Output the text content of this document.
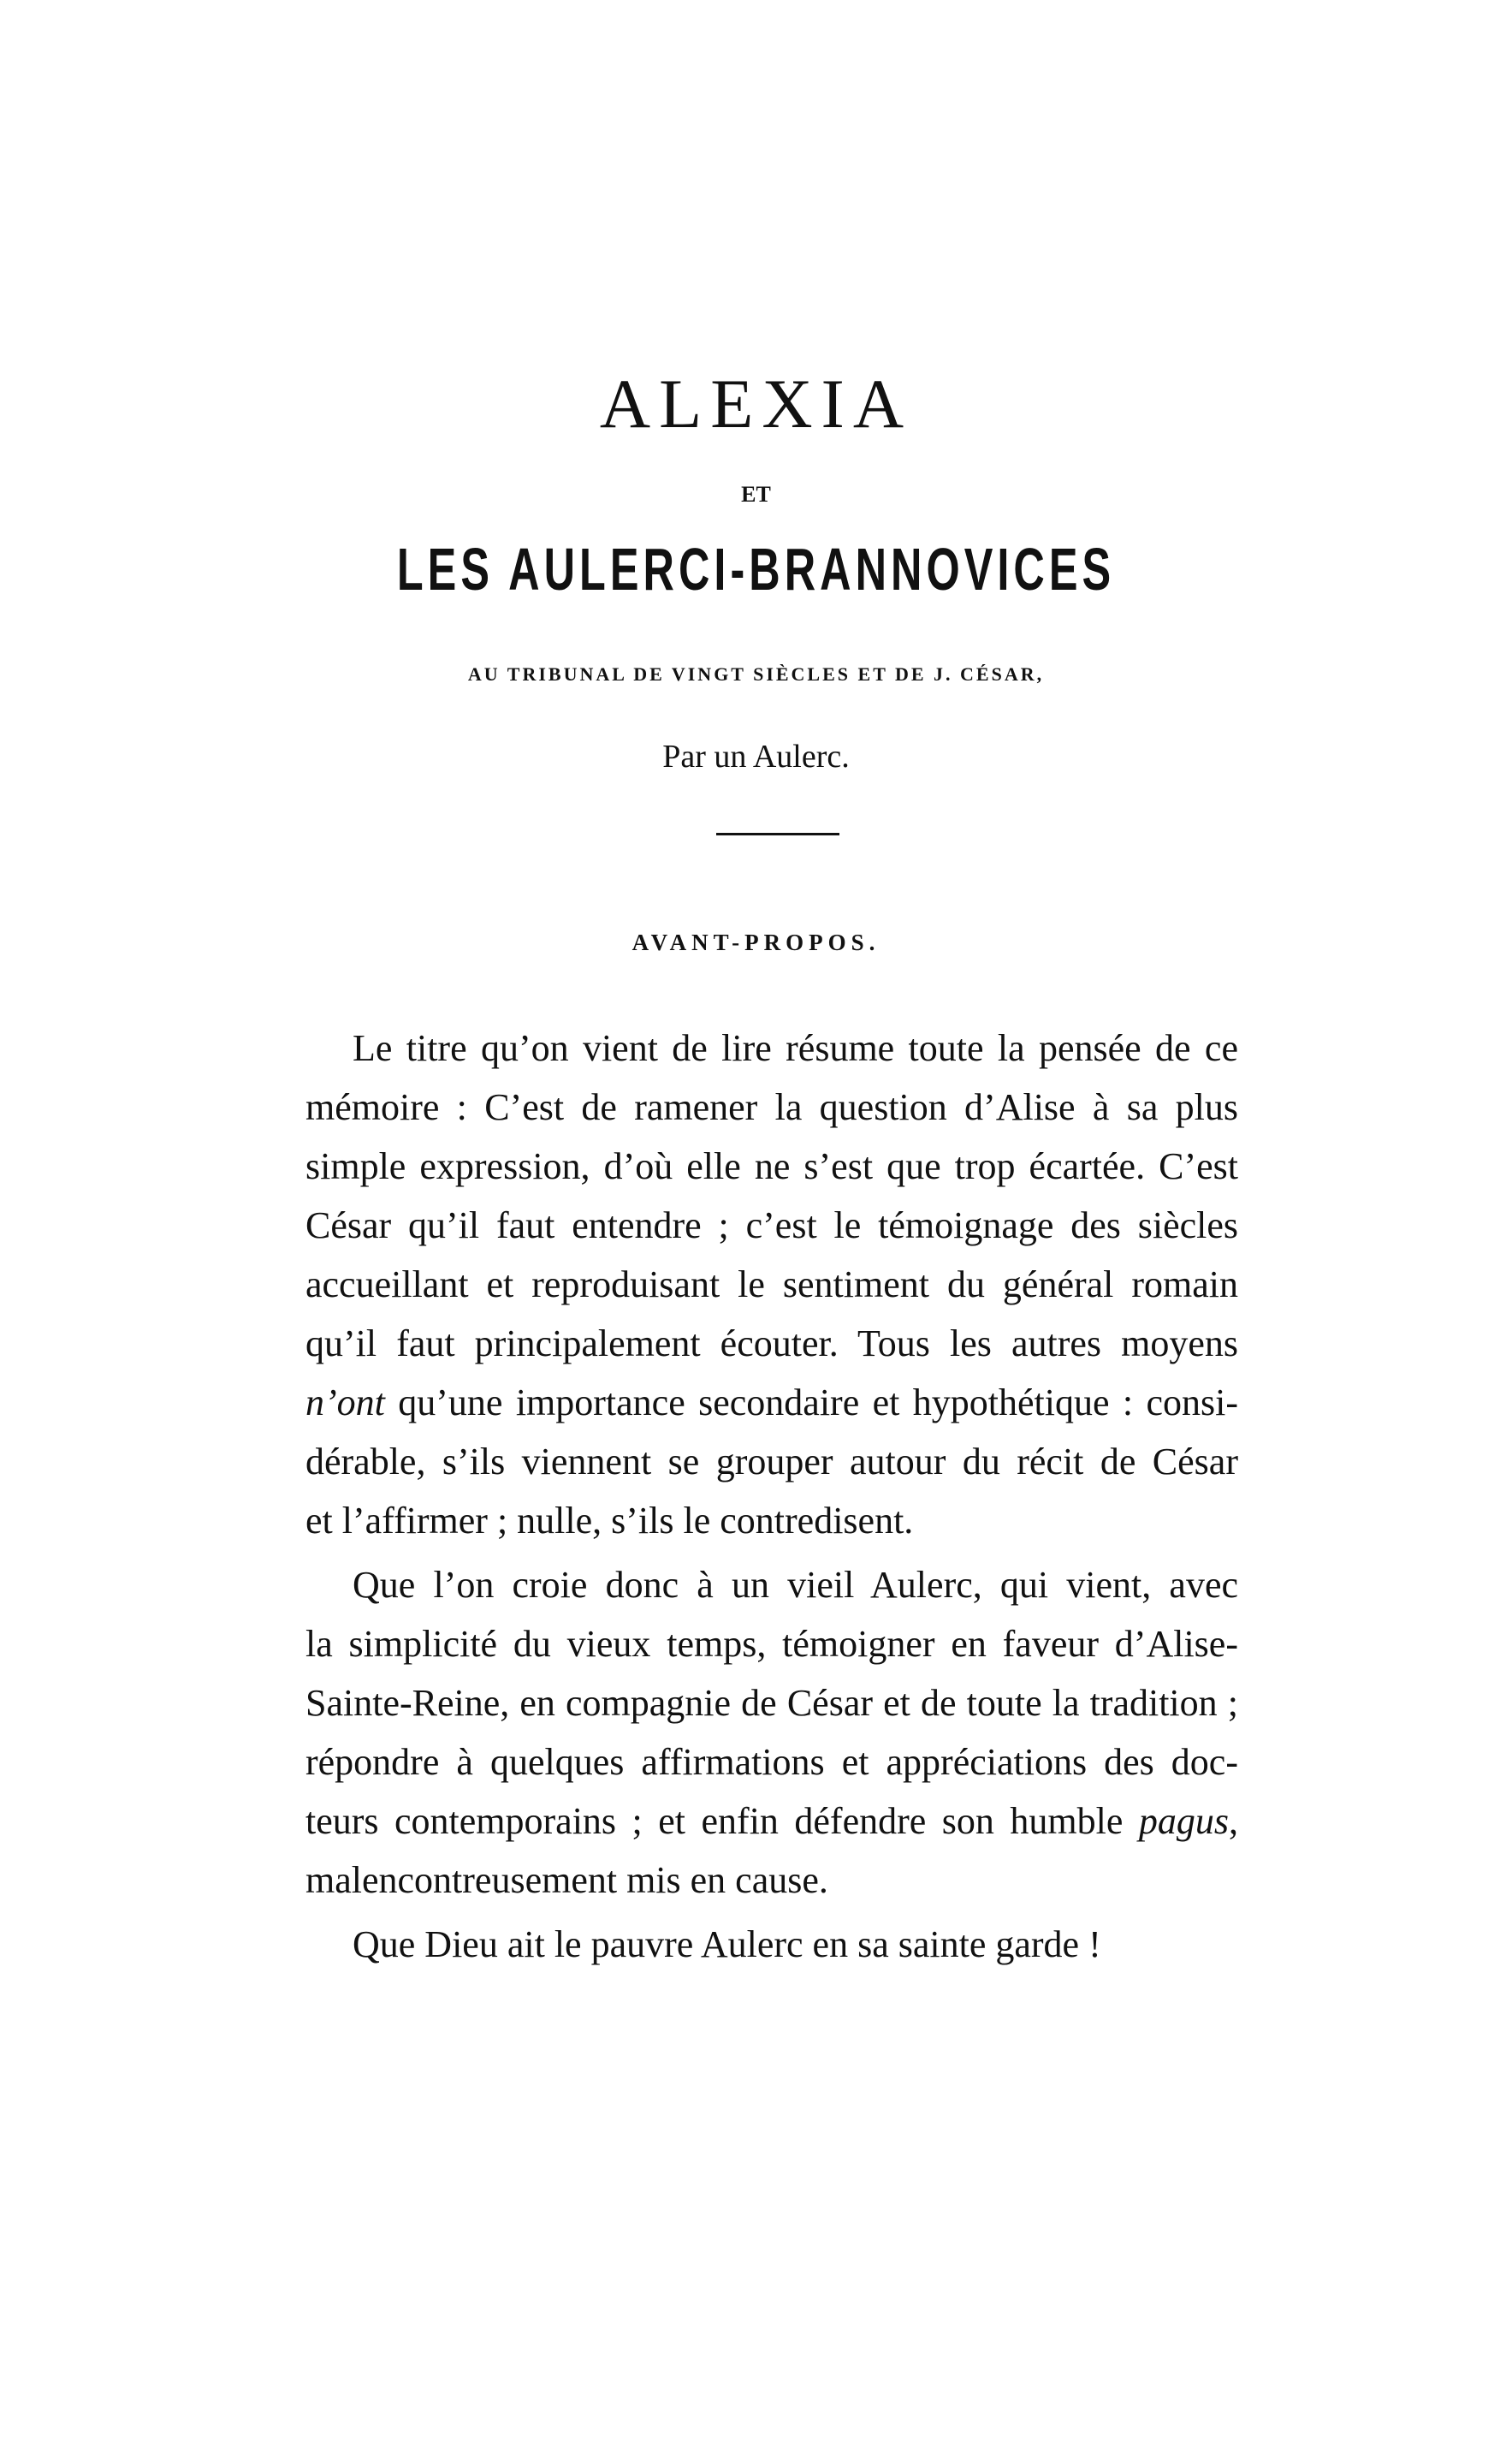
ALEXIA
ET
LES AULERCI-BRANNOVICES
AU TRIBUNAL DE VINGT SIÈCLES ET DE J. CÉSAR,
Par un Aulerc.
AVANT-PROPOS.
Le titre qu’on vient de lire résume toute la pensée de ce
mémoire : C’est de ramener la question d’Alise à sa plus
simple expression, d’où elle ne s’est que trop écartée. C’est
César qu’il faut entendre ; c’est le témoignage des siècles
accueillant et reproduisant le sentiment du général romain
qu’il faut principalement écouter. Tous les autres moyens
n’ont qu’une importance secondaire et hypothétique : consi-
dérable, s’ils viennent se grouper autour du récit de César
et l’affirmer ; nulle, s’ils le contredisent.
Que l’on croie donc à un vieil Aulerc, qui vient, avec
la simplicité du vieux temps, témoigner en faveur d’Alise-
Sainte-Reine, en compagnie de César et de toute la tradition ;
répondre à quelques affirmations et appréciations des doc-
teurs contemporains ; et enfin défendre son humble pagus,
malencontreusement mis en cause.
Que Dieu ait le pauvre Aulerc en sa sainte garde !
